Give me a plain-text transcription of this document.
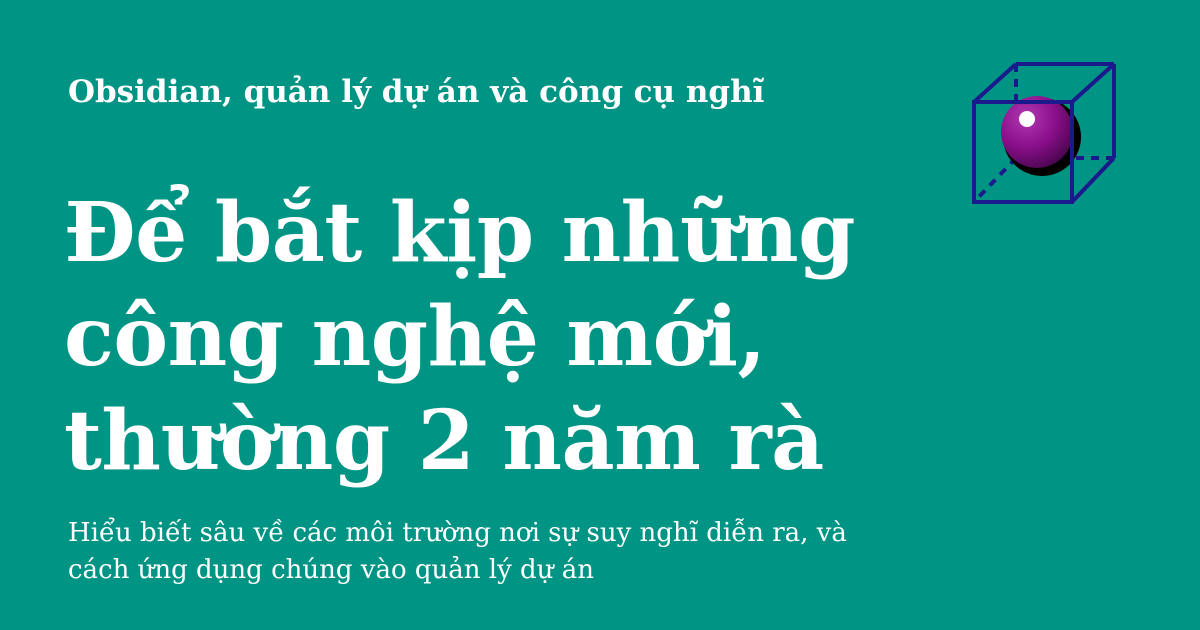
Obsidian, quản lý dự án và công cụ nghĩ
Để bắt kịp những
công nghệ mới,
thường 2 năm rà
Hiểu biết sâu về các môi trường nơi sự suy nghĩ diễn ra, và
cách ứng dụng chúng vào quản lý dự án
